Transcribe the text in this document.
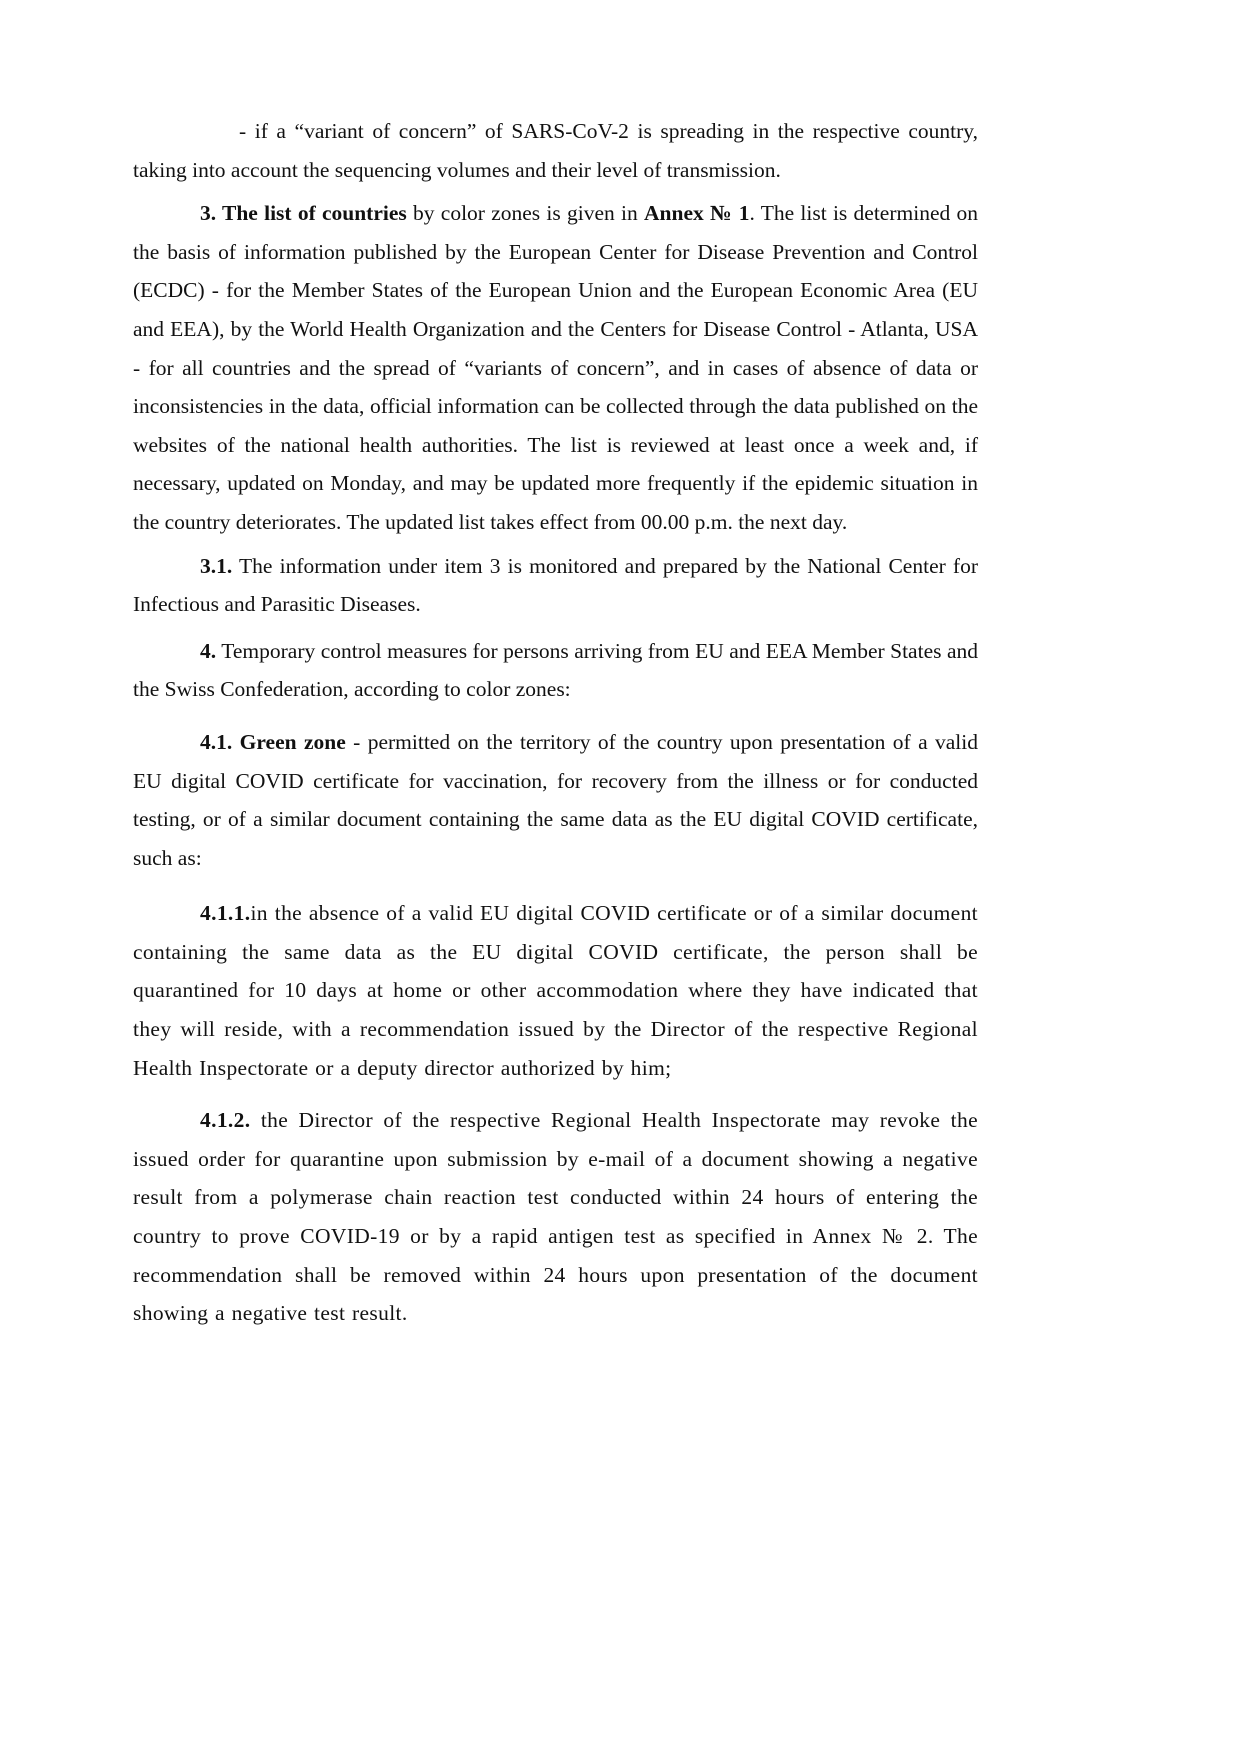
- if a “variant of concern” of SARS-CoV-2 is spreading in the respective country, taking into account the sequencing volumes and their level of transmission.

3. The list of countries by color zones is given in Annex № 1. The list is determined on the basis of information published by the European Center for Disease Prevention and Control (ECDC) - for the Member States of the European Union and the European Economic Area (EU and EEA), by the World Health Organization and the Centers for Disease Control - Atlanta, USA - for all countries and the spread of “variants of concern”, and in cases of absence of data or inconsistencies in the data, official information can be collected through the data published on the websites of the national health authorities. The list is reviewed at least once a week and, if necessary, updated on Monday, and may be updated more frequently if the epidemic situation in the country deteriorates. The updated list takes effect from 00.00 p.m. the next day.

3.1. The information under item 3 is monitored and prepared by the National Center for Infectious and Parasitic Diseases.

4. Temporary control measures for persons arriving from EU and EEA Member States and the Swiss Confederation, according to color zones:

4.1. Green zone - permitted on the territory of the country upon presentation of a valid EU digital COVID certificate for vaccination, for recovery from the illness or for conducted testing, or of a similar document containing the same data as the EU digital COVID certificate, such as:

4.1.1.in the absence of a valid EU digital COVID certificate or of a similar document containing the same data as the EU digital COVID certificate, the person shall be quarantined for 10 days at home or other accommodation where they have indicated that they will reside, with a recommendation issued by the Director of the respective Regional Health Inspectorate or a deputy director authorized by him;

4.1.2. the Director of the respective Regional Health Inspectorate may revoke the issued order for quarantine upon submission by e-mail of a document showing a negative result from a polymerase chain reaction test conducted within 24 hours of entering the country to prove COVID-19 or by a rapid antigen test as specified in Annex № 2. The recommendation shall be removed within 24 hours upon presentation of the document showing a negative test result.
